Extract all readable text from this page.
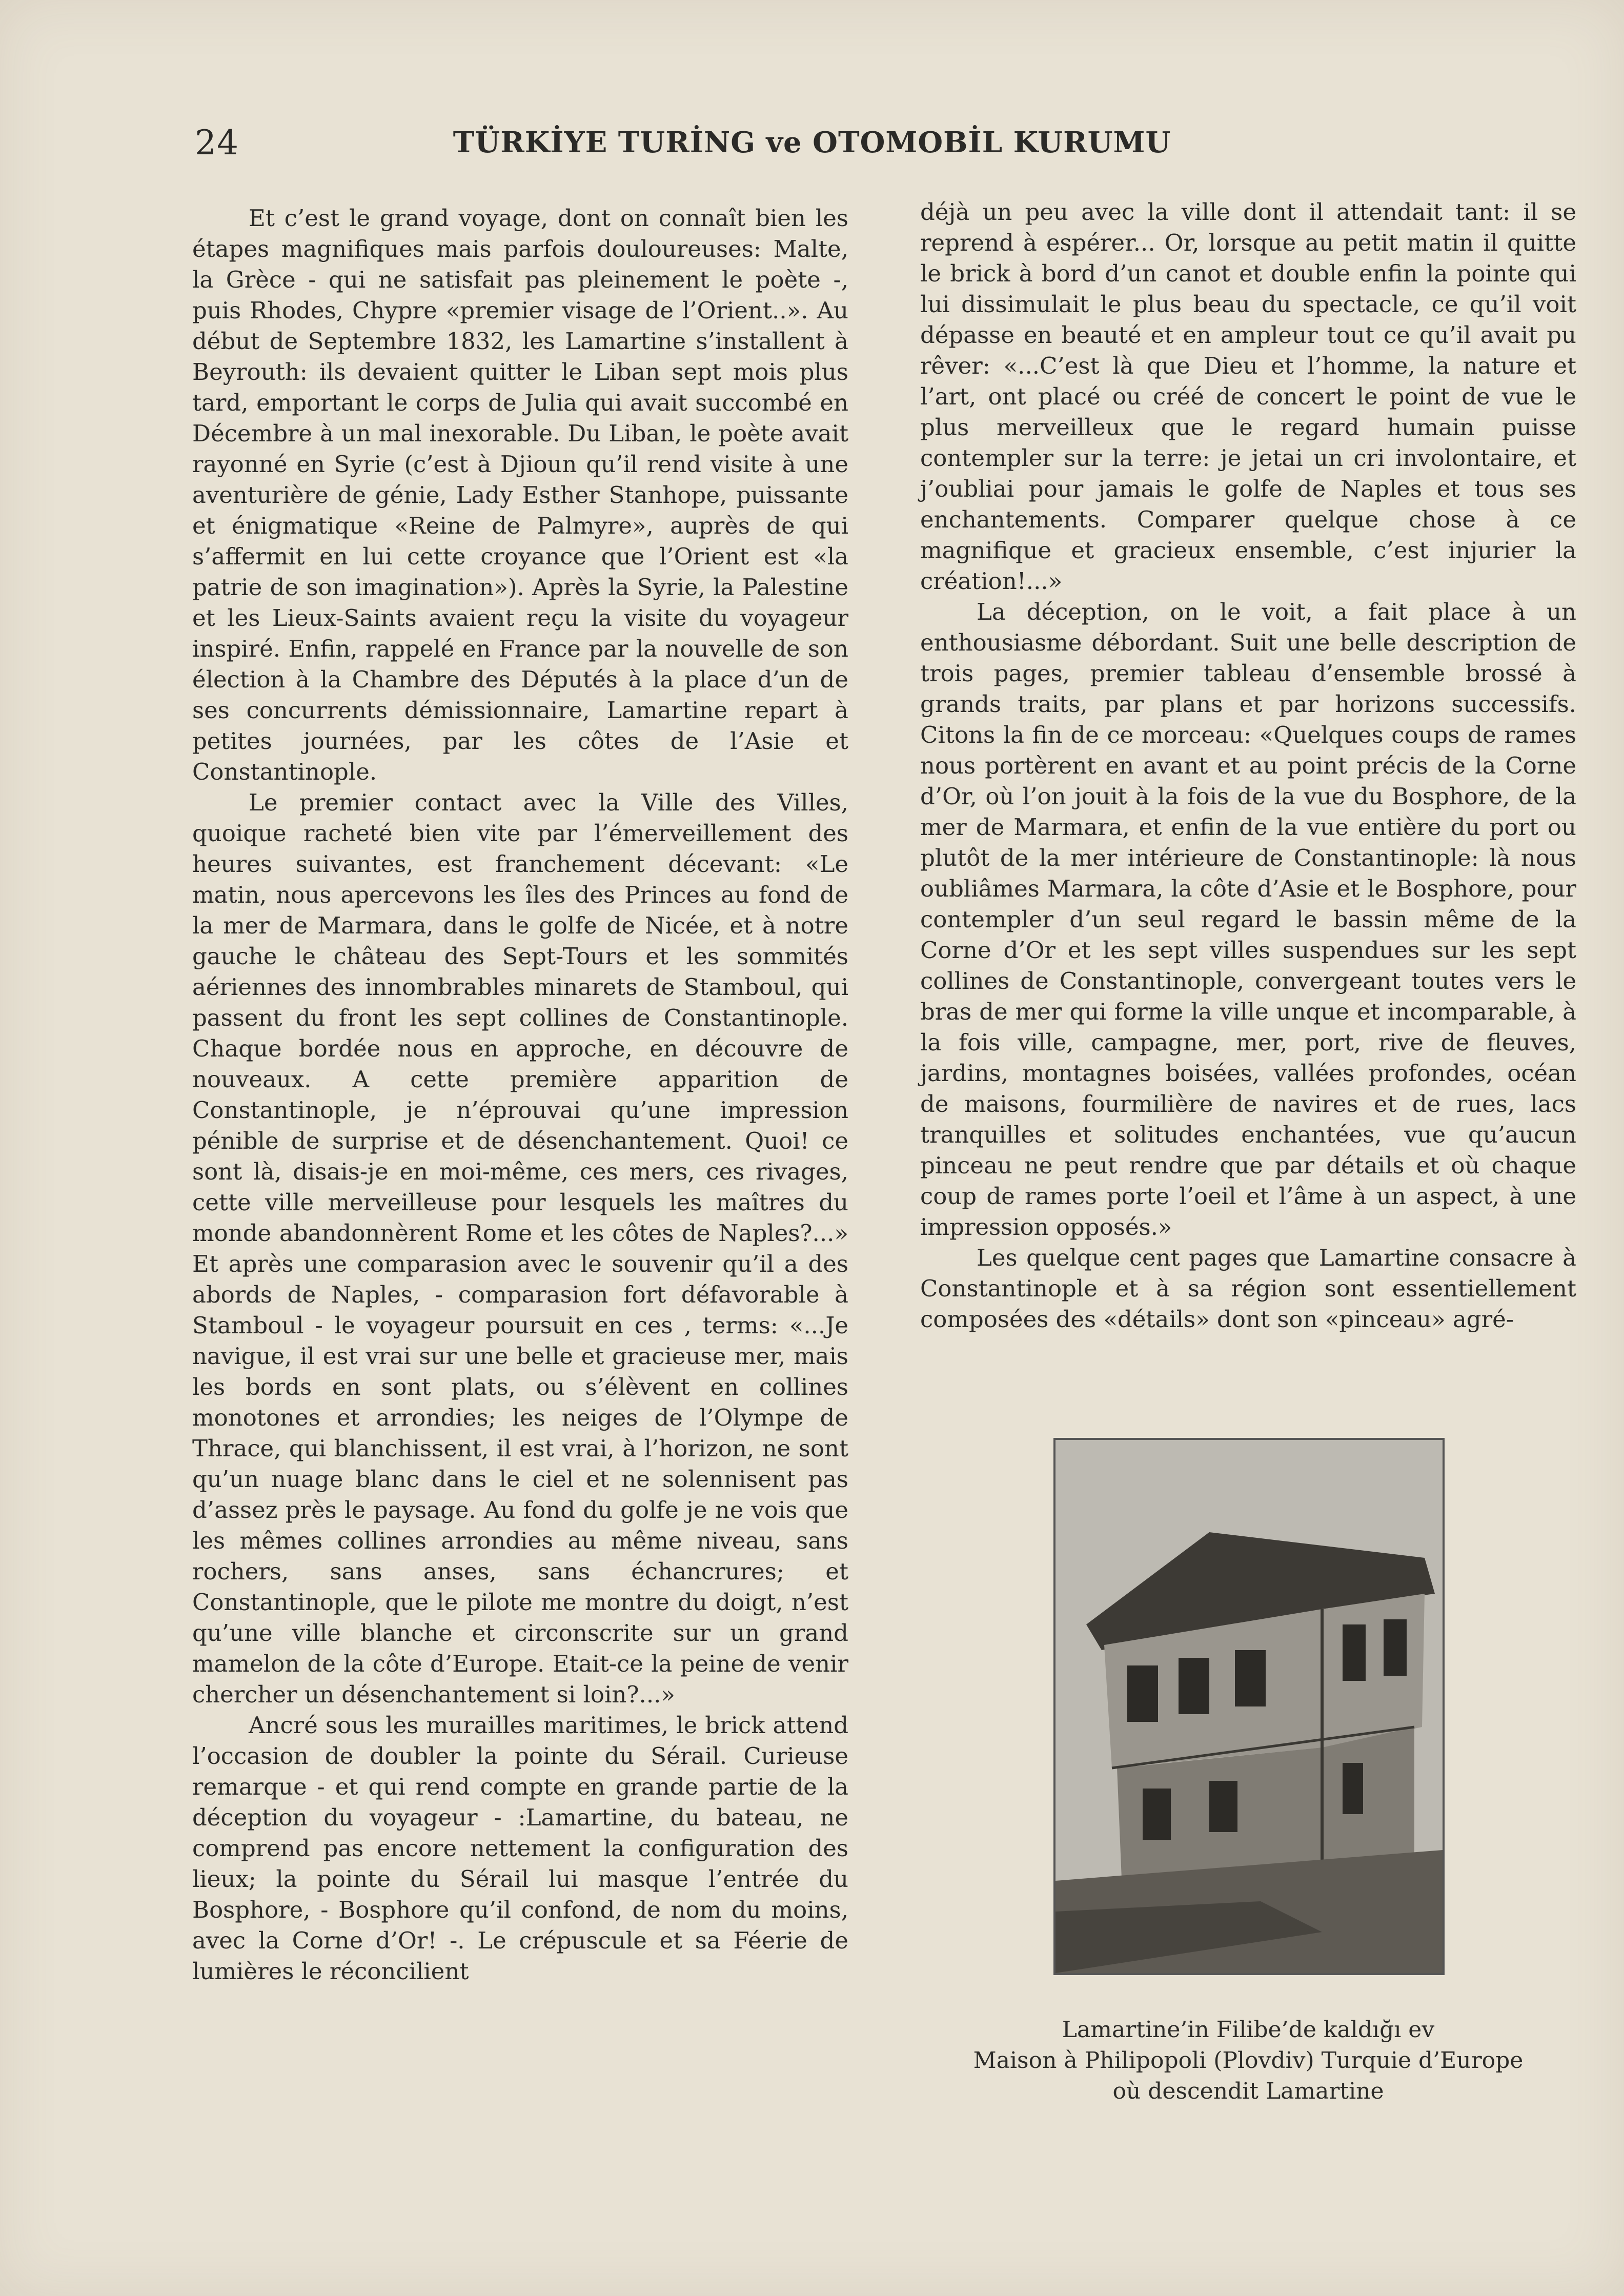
24	TÜRKİYE TURİNG ve OTOMOBİL KURUMU

Et c’est le grand voyage, dont on connaît bien les étapes magnifiques mais parfois douloureuses: Malte, la Grèce - qui ne satisfait pas pleinement le poète -, puis Rhodes, Chypre «premier visage de l’Orient..». Au début de Septembre 1832, les Lamartine s’installent à Beyrouth: ils devaient quitter le Liban sept mois plus tard, emportant le corps de Julia qui avait succombé en Décembre à un mal inexorable. Du Liban, le poète avait rayonné en Syrie (c’est à Djioun qu’il rend visite à une aventurière de génie, Lady Esther Stanhope, puissante et énigmatique «Reine de Palmyre», auprès de qui s’affermit en lui cette croyance que l’Orient est «la patrie de son imagination»). Après la Syrie, la Palestine et les Lieux-Saints avaient reçu la visite du voyageur inspiré. Enfin, rappelé en France par la nouvelle de son élection à la Chambre des Députés à la place d’un de ses concurrents démissionnaire, Lamartine repart à petites journées, par les côtes de l’Asie et Constantinople.

Le premier contact avec la Ville des Villes, quoique racheté bien vite par l’émerveillement des heures suivantes, est franchement décevant: «Le matin, nous apercevons les îles des Princes au fond de la mer de Marmara, dans le golfe de Nicée, et à notre gauche le château des Sept-Tours et les sommités aériennes des innombrables minarets de Stamboul, qui passent du front les sept collines de Constantinople. Chaque bordée nous en approche, en découvre de nouveaux. A cette première apparition de Constantinople, je n’éprouvai qu’une impression pénible de surprise et de désenchantement. Quoi! ce sont là, disais-je en moi-même, ces mers, ces rivages, cette ville merveilleuse pour lesquels les maîtres du monde abandonnèrent Rome et les côtes de Naples?...» Et après une comparasion avec le souvenir qu’il a des abords de Naples, - comparasion fort défavorable à Stamboul - le voyageur poursuit en ces , terms: «...Je navigue, il est vrai sur une belle et gracieuse mer, mais les bords en sont plats, ou s’élèvent en collines monotones et arrondies; les neiges de l’Olympe de Thrace, qui blanchissent, il est vrai, à l’horizon, ne sont qu’un nuage blanc dans le ciel et ne solennisent pas d’assez près le paysage. Au fond du golfe je ne vois que les mêmes collines arrondies au même niveau, sans rochers, sans anses, sans échancrures; et Constantinople, que le pilote me montre du doigt, n’est qu’une ville blanche et circonscrite sur un grand mamelon de la côte d’Europe. Etait-ce la peine de venir chercher un désenchantement si loin?...»

Ancré sous les murailles maritimes, le brick attend l’occasion de doubler la pointe du Sérail. Curieuse remarque - et qui rend compte en grande partie de la déception du voyageur - :Lamartine, du bateau, ne comprend pas encore nettement la configuration des lieux; la pointe du Sérail lui masque l’entrée du Bosphore, - Bosphore qu’il confond, de nom du moins, avec la Corne d’Or! -. Le crépuscule et sa Féerie de lumières le réconcilient

déjà un peu avec la ville dont il attendait tant: il se reprend à espérer... Or, lorsque au petit matin il quitte le brick à bord d’un canot et double enfin la pointe qui lui dissimulait le plus beau du spectacle, ce qu’il voit dépasse en beauté et en ampleur tout ce qu’il avait pu rêver: «...C’est là que Dieu et l’homme, la nature et l’art, ont placé ou créé de concert le point de vue le plus merveilleux que le regard humain puisse contempler sur la terre: je jetai un cri involontaire, et j’oubliai pour jamais le golfe de Naples et tous ses enchantements. Comparer quelque chose à ce magnifique et gracieux ensemble, c’est injurier la création!...»

La déception, on le voit, a fait place à un enthousiasme débordant. Suit une belle description de trois pages, premier tableau d’ensemble brossé à grands traits, par plans et par horizons successifs. Citons la fin de ce morceau: «Quelques coups de rames nous portèrent en avant et au point précis de la Corne d’Or, où l’on jouit à la fois de la vue du Bosphore, de la mer de Marmara, et enfin de la vue entière du port ou plutôt de la mer intérieure de Constantinople: là nous oubliâmes Marmara, la côte d’Asie et le Bosphore, pour contempler d’un seul regard le bassin même de la Corne d’Or et les sept villes suspendues sur les sept collines de Constantinople, convergeant toutes vers le bras de mer qui forme la ville unque et incomparable, à la fois ville, campagne, mer, port, rive de fleuves, jardins, montagnes boisées, vallées profondes, océan de maisons, fourmilière de navires et de rues, lacs tranquilles et solitudes enchantées, vue qu’aucun pinceau ne peut rendre que par détails et où chaque coup de rames porte l’oeil et l’âme à un aspect, à une impression opposés.»

Les quelque cent pages que Lamartine consacre à Constantinople et à sa région sont essentiellement composées des «détails» dont son «pinceau» agré-

Lamartine’in Filibe’de kaldığı ev
Maison à Philipopoli (Plovdiv) Turquie d’Europe
où descendit Lamartine
